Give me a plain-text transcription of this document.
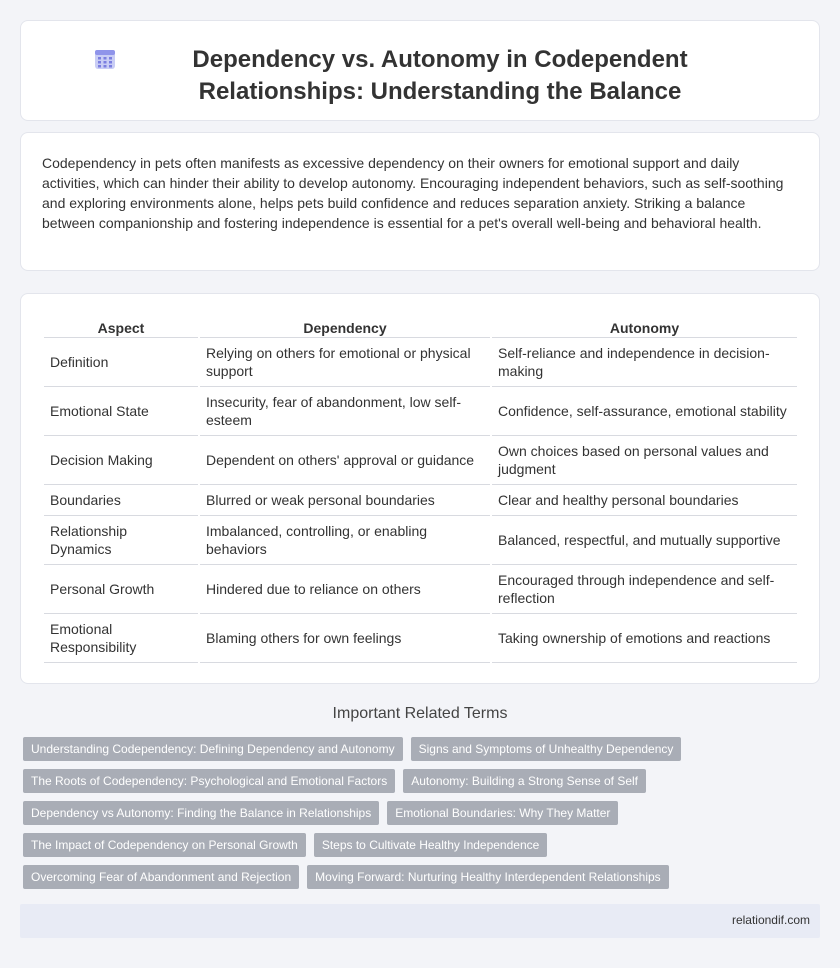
Dependency vs. Autonomy in Codependent Relationships: Understanding the Balance

Codependency in pets often manifests as excessive dependency on their owners for emotional support and daily activities, which can hinder their ability to develop autonomy. Encouraging independent behaviors, such as self-soothing and exploring environments alone, helps pets build confidence and reduces separation anxiety. Striking a balance between companionship and fostering independence is essential for a pet's overall well-being and behavioral health.

Aspect	Dependency	Autonomy
Definition	Relying on others for emotional or physical support	Self-reliance and independence in decision-making
Emotional State	Insecurity, fear of abandonment, low self-esteem	Confidence, self-assurance, emotional stability
Decision Making	Dependent on others' approval or guidance	Own choices based on personal values and judgment
Boundaries	Blurred or weak personal boundaries	Clear and healthy personal boundaries
Relationship Dynamics	Imbalanced, controlling, or enabling behaviors	Balanced, respectful, and mutually supportive
Personal Growth	Hindered due to reliance on others	Encouraged through independence and self-reflection
Emotional Responsibility	Blaming others for own feelings	Taking ownership of emotions and reactions
Important Related Terms
Understanding Codependency: Defining Dependency and Autonomy	Signs and Symptoms of Unhealthy Dependency
The Roots of Codependency: Psychological and Emotional Factors	Autonomy: Building a Strong Sense of Self
Dependency vs Autonomy: Finding the Balance in Relationships	Emotional Boundaries: Why They Matter
The Impact of Codependency on Personal Growth	Steps to Cultivate Healthy Independence
Overcoming Fear of Abandonment and Rejection	Moving Forward: Nurturing Healthy Interdependent Relationships
relationdif.com
